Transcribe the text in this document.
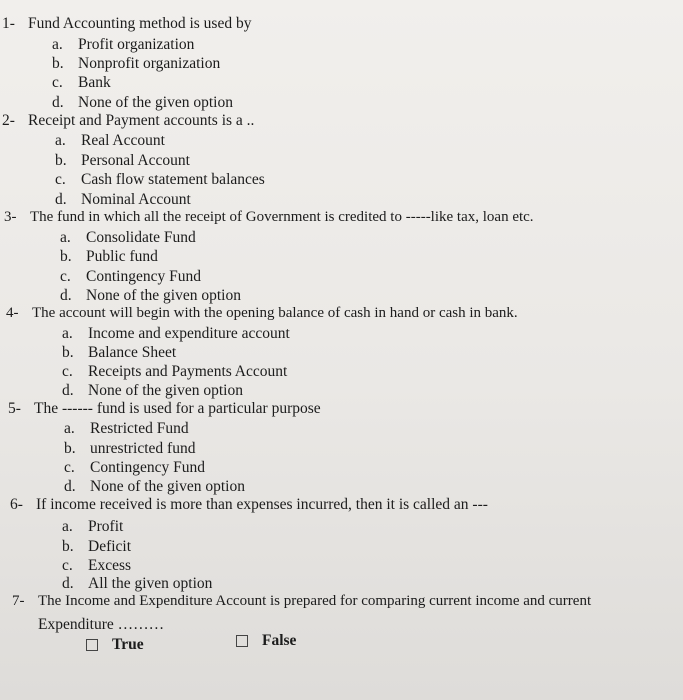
1- Fund Accounting method is used by
a. Profit organization
b. Nonprofit organization
c. Bank
d. None of the given option
2- Receipt and Payment accounts is a ..
a. Real Account
b. Personal Account
c. Cash flow statement balances
d. Nominal Account
3- The fund in which all the receipt of Government is credited to -----like tax, loan etc.
a. Consolidate Fund
b. Public fund
c. Contingency Fund
d. None of the given option
4- The account will begin with the opening balance of cash in hand or cash in bank.
a. Income and expenditure account
b. Balance Sheet
c. Receipts and Payments Account
d. None of the given option
5- The ------ fund is used for a particular purpose
a. Restricted Fund
b. unrestricted fund
c. Contingency Fund
d. None of the given option
6- If income received is more than expenses incurred, then it is called an ---
a. Profit
b. Deficit
c. Excess
d. All the given option
7- The Income and Expenditure Account is prepared for comparing current income and current
Expenditure ………
True	False
